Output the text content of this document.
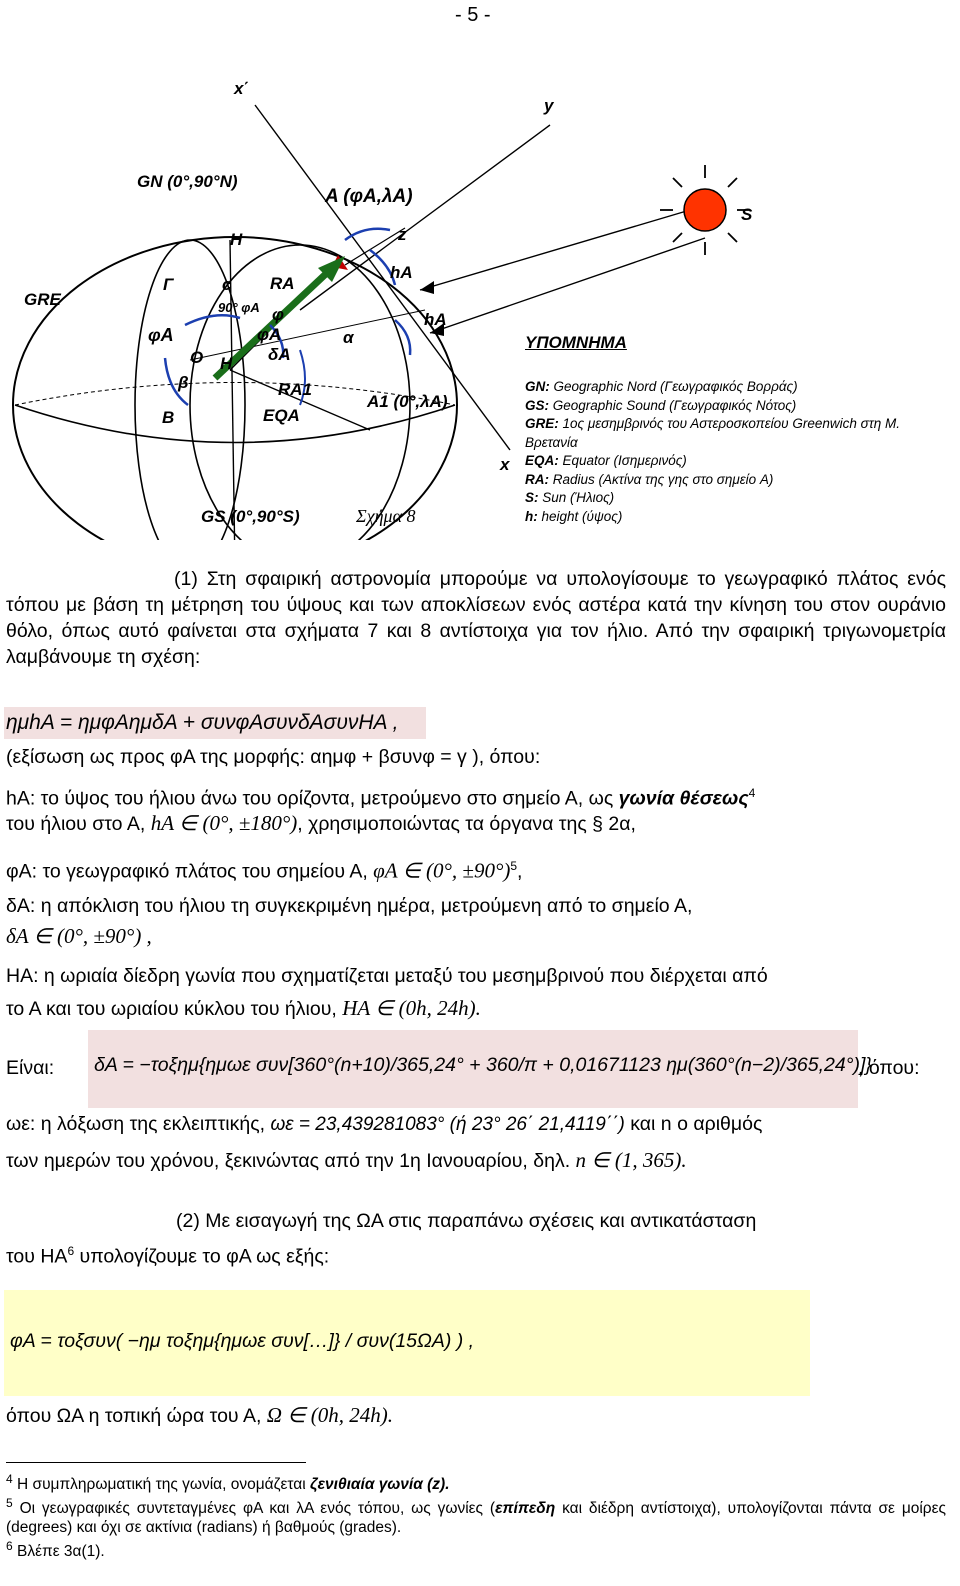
- 5 -
x΄
y
GN (0°,90°N)
A (φA,λA)
S
H	z
hA
Γ	c RA
GRE	90° φA φ	hA
φA	φA	α
δA
O H
β	RA1
A1 (0°,λA)
B	EQA
x
GS (0°,90°S)	Σχήμα 8
ΥΠΟΜΝΗΜΑ
GN: Geographic Nord (Γεωγραφικός Βορράς)
GS: Geographic Sound (Γεωγραφικός Νότος)
GRE: 1ος μεσημβρινός του Αστεροσκοπείου Greenwich στη Μ. Βρετανία
EQA: Equator (Ισημερινός)
RA: Radius (Ακτίνα της γης στο σημείο A)
S: Sun (Ήλιος)
h: height (ύψος)
(1) Στη σφαιρική αστρονομία μπορούμε να υπολογίσουμε το γεωγραφικό πλάτος ενός τόπου με βάση τη μέτρηση του ύψους και των αποκλίσεων ενός αστέρα κατά την κίνηση του στον ουράνιο θόλο, όπως αυτό φαίνεται στα σχήματα 7 και 8 αντίστοιχα για τον ήλιο. Από την σφαιρική τριγωνομετρία λαμβάνουμε τη σχέση:
ημhA = ημφAημδA + συνφAσυνδAσυνHA ,
(εξίσωση ως προς φA της μορφής: αημφ + βσυνφ = γ ), όπου:
hA: το ύψος του ήλιου άνω του ορίζοντα, μετρούμενο στο σημείο Α, ως γωνία θέσεως$^4$
του ήλιου στο Α, hA ∈ (0°, ±180°), χρησιμοποιώντας τα όργανα της § 2α,
φA: το γεωγραφικό πλάτος του σημείου Α, φA ∈ (0°, ±90°)$^5$,
δA: η απόκλιση του ήλιου τη συγκεκριμένη ημέρα, μετρούμενη από το σημείο Α,
δA ∈ (0°, ±90°) ,
HA: η ωριαία δίεδρη γωνία που σχηματίζεται μεταξύ του μεσημβρινού που διέρχεται από
το Α και του ωριαίου κύκλου του ήλιου, HA ∈ (0h, 24h).
Είναι: δA = −τοξημ{ημωε συν[360°(n+10)/365,24° + 360/π + 0,01671123 ημ(360°(n−2)/365,24°)]}
, όπου:
ωε: η λόξωση της εκλειπτικής, ωε = 23,439281083° (ή 23° 26΄ 21,4119΄΄) και n ο αριθμός
των ημερών του χρόνου, ξεκινώντας από την 1η Ιανουαρίου, δηλ. n ∈ (1, 365).
(2) Με εισαγωγή της ΩA στις παραπάνω σχέσεις και αντικατάσταση
του $HA^6$ υπολογίζουμε το φA ως εξής:
φA = τοξσυν( −ημ τοξημ{ημωε συν[…]} / συν(15ΩA) ) ,
όπου ΩA η τοπική ώρα του Α, Ω ∈ (0h, 24h).
$^4$ Η συμπληρωματική της γωνία, ονομάζεται ζενιθιαία γωνία (z).
$^5$ Οι γεωγραφικές συντεταγμένες φA και λA ενός τόπου, ως γωνίες (επίπεδη και διέδρη αντίστοιχα), υπολογίζονται πάντα σε μοίρες (degrees) και όχι σε ακτίνια (radians) ή βαθμούς (grades).
$^6$ Βλέπε 3α(1).
